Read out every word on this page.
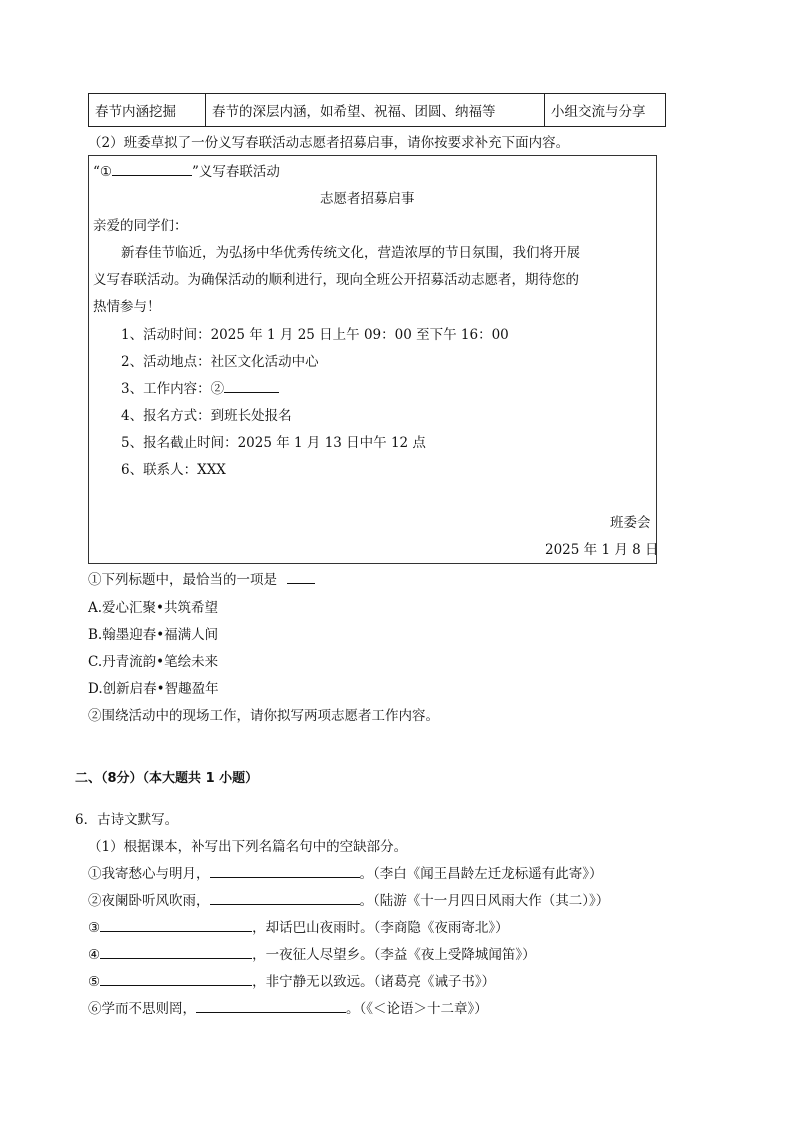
春节内涵挖掘	春节的深层内涵，如希望、祝福、团圆、纳福等	小组交流与分享
（2）班委草拟了一份义写春联活动志愿者招募启事，请你按要求补充下面内容。
“①	”义写春联活动
志愿者招募启事
亲爱的同学们：
新春佳节临近，为弘扬中华优秀传统文化，营造浓厚的节日氛围，我们将开展
义写春联活动。为确保活动的顺利进行，现向全班公开招募活动志愿者，期待您的
热情参与！
1、活动时间：2025 年 1 月 25 日上午 09：00 至下午 16：00
2、活动地点：社区文化活动中心
3、工作内容：②
4、报名方式：到班长处报名
5、报名截止时间：2025 年 1 月 13 日中午 12 点
6、联系人：XXX
班委会
2025 年 1 月 8 日
①下列标题中，最恰当的一项是
A.爱心汇聚•共筑希望
B.翰墨迎春•福满人间
C.丹青流韵•笔绘未来
D.创新启春•智趣盈年
②围绕活动中的现场工作，请你拟写两项志愿者工作内容。
二、（8分）（本大题共 1 小题）
6．古诗文默写。
（1）根据课本，补写出下列名篇名句中的空缺部分。
①我寄愁心与明月，	。（李白《闻王昌龄左迁龙标遥有此寄》）
②夜阑卧听风吹雨，	。（陆游《十一月四日风雨大作（其二）》）
③	，却话巴山夜雨时。（李商隐《夜雨寄北》）
④	，一夜征人尽望乡。（李益《夜上受降城闻笛》）
⑤	，非宁静无以致远。（诸葛亮《诫子书》）
⑥学而不思则罔，	。（《＜论语＞十二章》）
